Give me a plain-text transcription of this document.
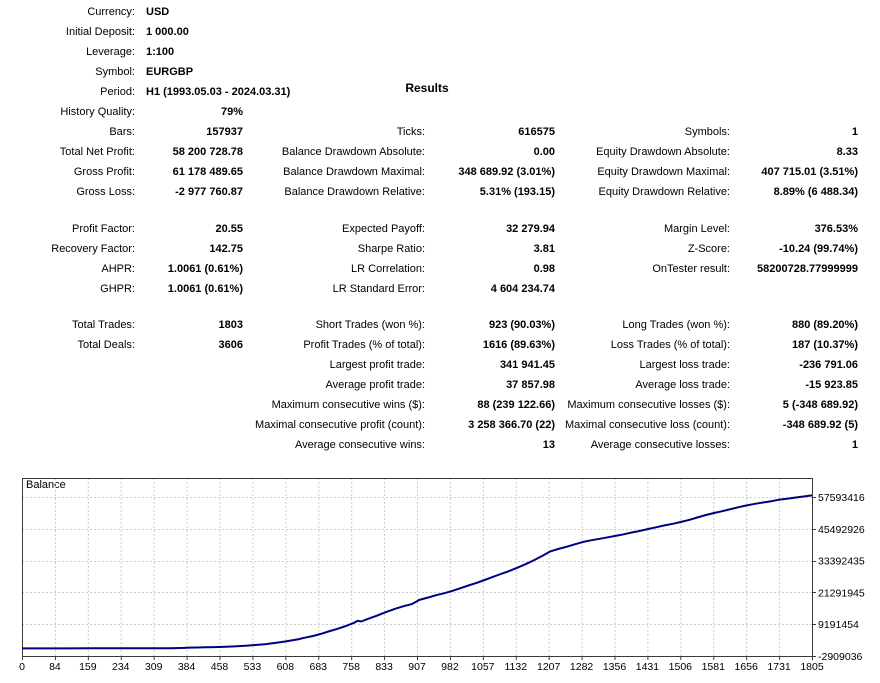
Results
Balance
0 84 159 234 309 384 458 533 608 683 758 833 907 982 1057 1132 1207 1282 1356 1431 1506 1581 1656 1731 1805
57593416
45492926
33392435
21291945
9191454
-2909036
Currency: USD
Initial Deposit: 1 000.00
Leverage: 1:100
Symbol: EURGBP
Period: H1 (1993.05.03 - 2024.03.31)
History Quality:	79%
Bars:	157937	Ticks:	616575	Symbols:	1
Total Net Profit:	58 200 728.78	Balance Drawdown Absolute:	0.00	Equity Drawdown Absolute:	8.33
Gross Profit:	61 178 489.65	Balance Drawdown Maximal:	348 689.92 (3.01%)	Equity Drawdown Maximal:	407 715.01 (3.51%)
Gross Loss:	-2 977 760.87	Balance Drawdown Relative:	5.31% (193.15)	Equity Drawdown Relative:	8.89% (6 488.34)
Profit Factor:	20.55	Expected Payoff:	32 279.94	Margin Level:	376.53%
Recovery Factor:	142.75	Sharpe Ratio:	3.81	Z-Score:	-10.24 (99.74%)
AHPR:	1.0061 (0.61%)	LR Correlation:	0.98	OnTester result:	58200728.77999999
GHPR:	1.0061 (0.61%)	LR Standard Error:	4 604 234.74
Total Trades:	1803	Short Trades (won %):	923 (90.03%)	Long Trades (won %):	880 (89.20%)
Total Deals:	3606	Profit Trades (% of total):	1616 (89.63%)	Loss Trades (% of total):	187 (10.37%)
Largest profit trade:	341 941.45	Largest loss trade:	-236 791.06
Average profit trade:	37 857.98	Average loss trade:	-15 923.85
Maximum consecutive wins ($):	88 (239 122.66)	Maximum consecutive losses ($):	5 (-348 689.92)
Maximal consecutive profit (count):	3 258 366.70 (22) Maximal consecutive loss (count):	-348 689.92 (5)
Average consecutive wins:	13	Average consecutive losses:	1
